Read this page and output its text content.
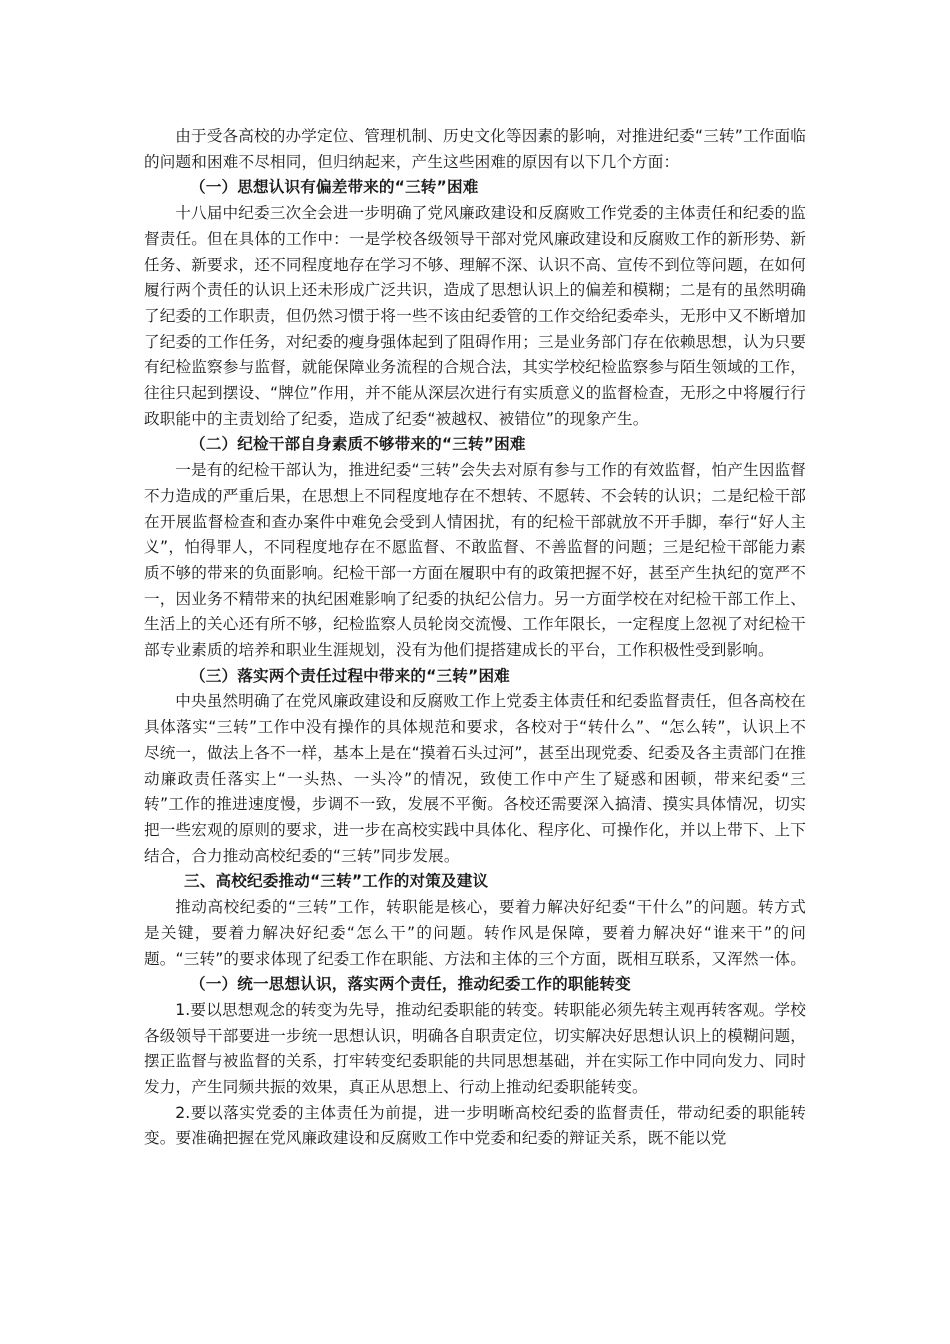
由于受各高校的办学定位、管理机制、历史文化等因素的影响，对推进纪委“三转”工作面临的问题和困难不尽相同，但归纳起来，产生这些困难的原因有以下几个方面：

（一）思想认识有偏差带来的“三转”困难

十八届中纪委三次全会进一步明确了党风廉政建设和反腐败工作党委的主体责任和纪委的监督责任。但在具体的工作中：一是学校各级领导干部对党风廉政建设和反腐败工作的新形势、新任务、新要求，还不同程度地存在学习不够、理解不深、认识不高、宣传不到位等问题，在如何履行两个责任的认识上还未形成广泛共识，造成了思想认识上的偏差和模糊；二是有的虽然明确了纪委的工作职责，但仍然习惯于将一些不该由纪委管的工作交给纪委牵头，无形中又不断增加了纪委的工作任务，对纪委的瘦身强体起到了阻碍作用；三是业务部门存在依赖思想，认为只要有纪检监察参与监督，就能保障业务流程的合规合法，其实学校纪检监察参与陌生领域的工作，往往只起到摆设、“牌位”作用，并不能从深层次进行有实质意义的监督检查，无形之中将履行行政职能中的主责划给了纪委，造成了纪委“被越权、被错位”的现象产生。

（二）纪检干部自身素质不够带来的“三转”困难

一是有的纪检干部认为，推进纪委“三转”会失去对原有参与工作的有效监督，怕产生因监督不力造成的严重后果，在思想上不同程度地存在不想转、不愿转、不会转的认识；二是纪检干部在开展监督检查和查办案件中难免会受到人情困扰，有的纪检干部就放不开手脚，奉行“好人主义”，怕得罪人，不同程度地存在不愿监督、不敢监督、不善监督的问题；三是纪检干部能力素质不够的带来的负面影响。纪检干部一方面在履职中有的政策把握不好，甚至产生执纪的宽严不一，因业务不精带来的执纪困难影响了纪委的执纪公信力。另一方面学校在对纪检干部工作上、生活上的关心还有所不够，纪检监察人员轮岗交流慢、工作年限长，一定程度上忽视了对纪检干部专业素质的培养和职业生涯规划，没有为他们提搭建成长的平台，工作积极性受到影响。

（三）落实两个责任过程中带来的“三转”困难

中央虽然明确了在党风廉政建设和反腐败工作上党委主体责任和纪委监督责任，但各高校在具体落实“三转”工作中没有操作的具体规范和要求，各校对于“转什么”、“怎么转”，认识上不尽统一，做法上各不一样，基本上是在“摸着石头过河”，甚至出现党委、纪委及各主责部门在推动廉政责任落实上“一头热、一头冷”的情况，致使工作中产生了疑惑和困顿，带来纪委“三转”工作的推进速度慢，步调不一致，发展不平衡。各校还需要深入搞清、摸实具体情况，切实把一些宏观的原则的要求，进一步在高校实践中具体化、程序化、可操作化，并以上带下、上下结合，合力推动高校纪委的“三转”同步发展。

三、高校纪委推动“三转”工作的对策及建议

推动高校纪委的“三转”工作，转职能是核心，要着力解决好纪委“干什么”的问题。转方式是关键，要着力解决好纪委“怎么干”的问题。转作风是保障，要着力解决好“谁来干”的问题。“三转”的要求体现了纪委工作在职能、方法和主体的三个方面，既相互联系，又浑然一体。

（一）统一思想认识，落实两个责任，推动纪委工作的职能转变

1.要以思想观念的转变为先导，推动纪委职能的转变。转职能必须先转主观再转客观。学校各级领导干部要进一步统一思想认识，明确各自职责定位，切实解决好思想认识上的模糊问题，摆正监督与被监督的关系，打牢转变纪委职能的共同思想基础，并在实际工作中同向发力、同时发力，产生同频共振的效果，真正从思想上、行动上推动纪委职能转变。

2.要以落实党委的主体责任为前提，进一步明晰高校纪委的监督责任，带动纪委的职能转变。要准确把握在党风廉政建设和反腐败工作中党委和纪委的辩证关系，既不能以党
